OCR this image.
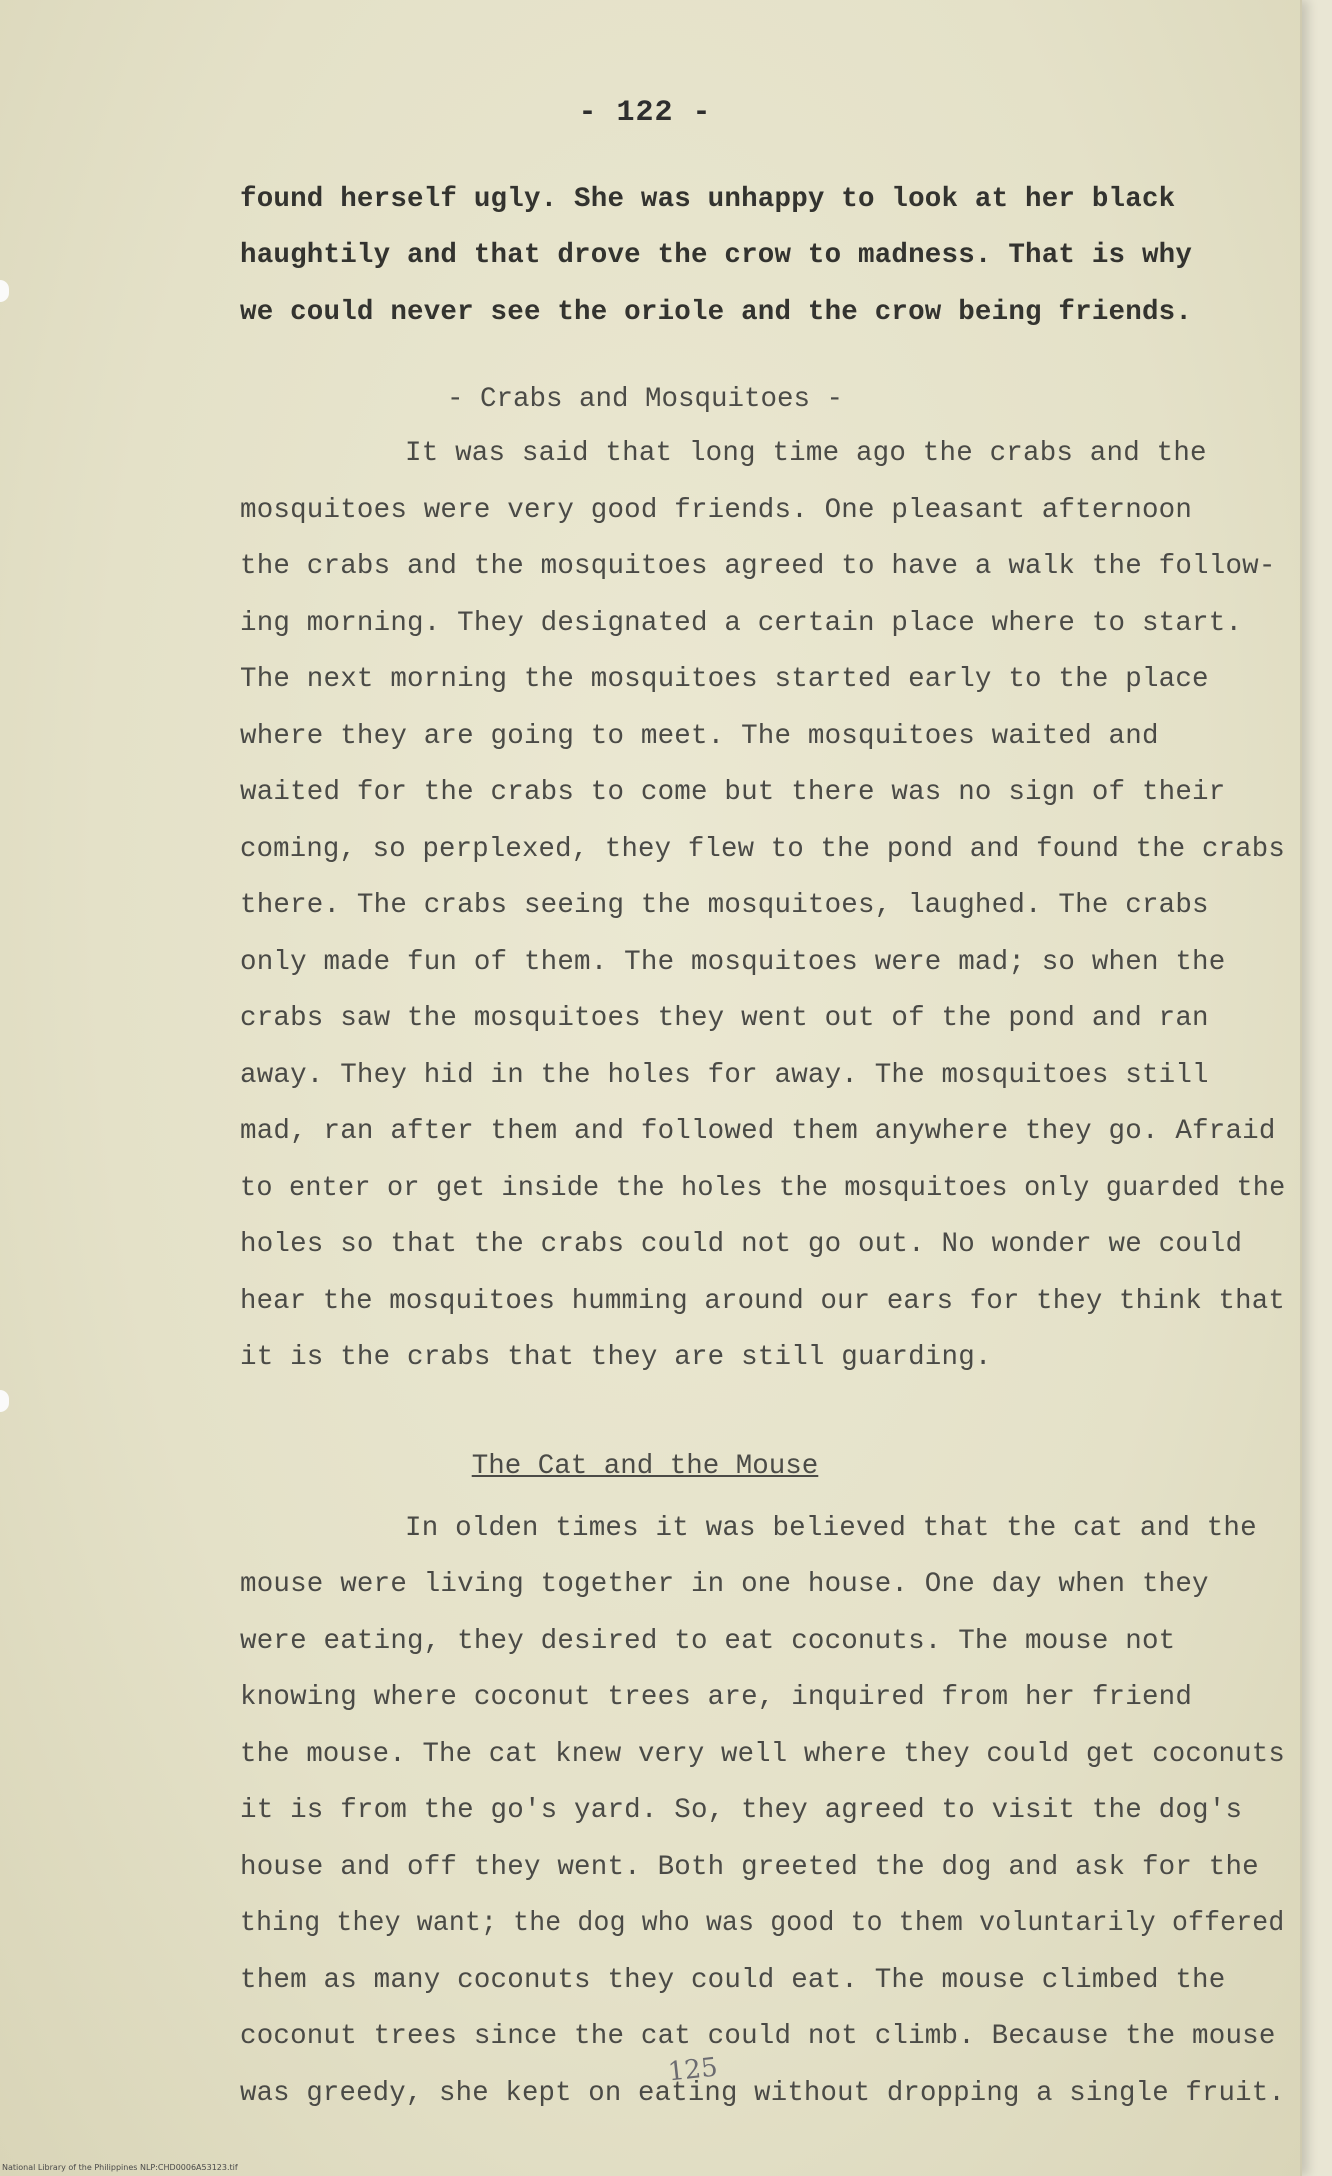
- 122 -
found herself ugly. She was unhappy to look at her black
haughtily and that drove the crow to madness. That is why
we could never see the oriole and the crow being friends.
- Crabs and Mosquitoes -
It was said that long time ago the crabs and the
mosquitoes were very good friends. One pleasant afternoon
the crabs and the mosquitoes agreed to have a walk the follow-
ing morning. They designated a certain place where to start.
The next morning the mosquitoes started early to the place
where they are going to meet. The mosquitoes waited and
waited for the crabs to come but there was no sign of their
coming, so perplexed, they flew to the pond and found the crabs
there. The crabs seeing the mosquitoes, laughed. The crabs
only made fun of them. The mosquitoes were mad; so when the
crabs saw the mosquitoes they went out of the pond and ran
away. They hid in the holes for away. The mosquitoes still
mad, ran after them and followed them anywhere they go. Afraid
to enter or get inside the holes the mosquitoes only guarded the
holes so that the crabs could not go out. No wonder we could
hear the mosquitoes humming around our ears for they think that
it is the crabs that they are still guarding.
The Cat and the Mouse
In olden times it was believed that the cat and the
mouse were living together in one house. One day when they
were eating, they desired to eat coconuts. The mouse not
knowing where coconut trees are, inquired from her friend
the mouse. The cat knew very well where they could get coconuts
it is from the go's yard. So, they agreed to visit the dog's
house and off they went. Both greeted the dog and ask for the
thing they want; the dog who was good to them voluntarily offered
them as many coconuts they could eat. The mouse climbed the
coconut trees since the cat could not climb. Because the mouse
was greedy, she kept on eating without dropping a single fruit.
125
National Library of the Philippines NLP:CHD0006A53123.tif
